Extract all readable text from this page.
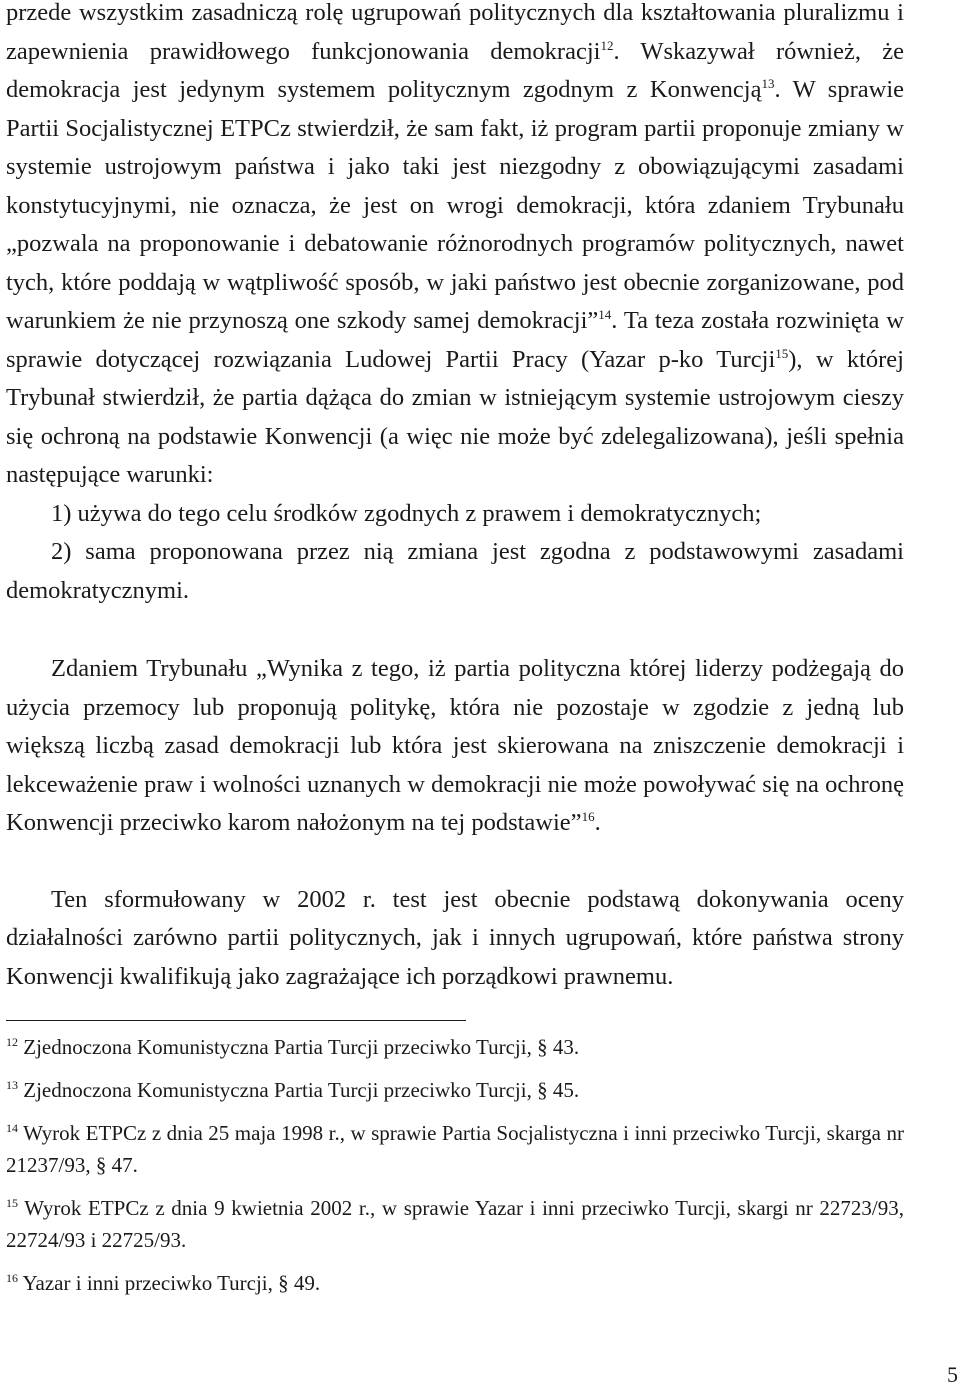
przede wszystkim zasadniczą rolę ugrupowań politycznych dla kształtowania pluralizmu i zapewnienia prawidłowego funkcjonowania demokracji$^{12}$. Wskazywał również, że demokracja jest jedynym systemem politycznym zgodnym z Konwencją$^{13}$. W sprawie Partii Socjalistycznej ETPCz stwierdził, że sam fakt, iż program partii proponuje zmiany w systemie ustrojowym państwa i jako taki jest niezgodny z obowiązującymi zasadami konstytucyjnymi, nie oznacza, że jest on wrogi demokracji, która zdaniem Trybunału „pozwala na proponowanie i debatowanie różnorodnych programów politycznych, nawet tych, które poddają w wątpliwość sposób, w jaki państwo jest obecnie zorganizowane, pod warunkiem że nie przynoszą one szkody samej demokracji”$^{14}$. Ta teza została rozwinięta w sprawie dotyczącej rozwiązania Ludowej Partii Pracy (Yazar p-ko Turcji$^{15}$), w której Trybunał stwierdził, że partia dążąca do zmian w istniejącym systemie ustrojowym cieszy się ochroną na podstawie Konwencji (a więc nie może być zdelegalizowana), jeśli spełnia następujące warunki:

1) używa do tego celu środków zgodnych z prawem i demokratycznych;

2) sama proponowana przez nią zmiana jest zgodna z podstawowymi zasadami demokratycznymi.

Zdaniem Trybunału „Wynika z tego, iż partia polityczna której liderzy podżegają do użycia przemocy lub proponują politykę, która nie pozostaje w zgodzie z jedną lub większą liczbą zasad demokracji lub która jest skierowana na zniszczenie demokracji i lekceważenie praw i wolności uznanych w demokracji nie może powoływać się na ochronę Konwencji przeciwko karom nałożonym na tej podstawie”$^{16}$.

Ten sformułowany w 2002 r. test jest obecnie podstawą dokonywania oceny działalności zarówno partii politycznych, jak i innych ugrupowań, które państwa strony Konwencji kwalifikują jako zagrażające ich porządkowi prawnemu.

$^{12}$ Zjednoczona Komunistyczna Partia Turcji przeciwko Turcji, § 43.

$^{13}$ Zjednoczona Komunistyczna Partia Turcji przeciwko Turcji, § 45.

$^{14}$ Wyrok ETPCz z dnia 25 maja 1998 r., w sprawie Partia Socjalistyczna i inni przeciwko Turcji, skarga nr 21237/93, § 47.

$^{15}$ Wyrok ETPCz z dnia 9 kwietnia 2002 r., w sprawie Yazar i inni przeciwko Turcji, skargi nr 22723/93, 22724/93 i 22725/93.

$^{16}$ Yazar i inni przeciwko Turcji, § 49.

5
